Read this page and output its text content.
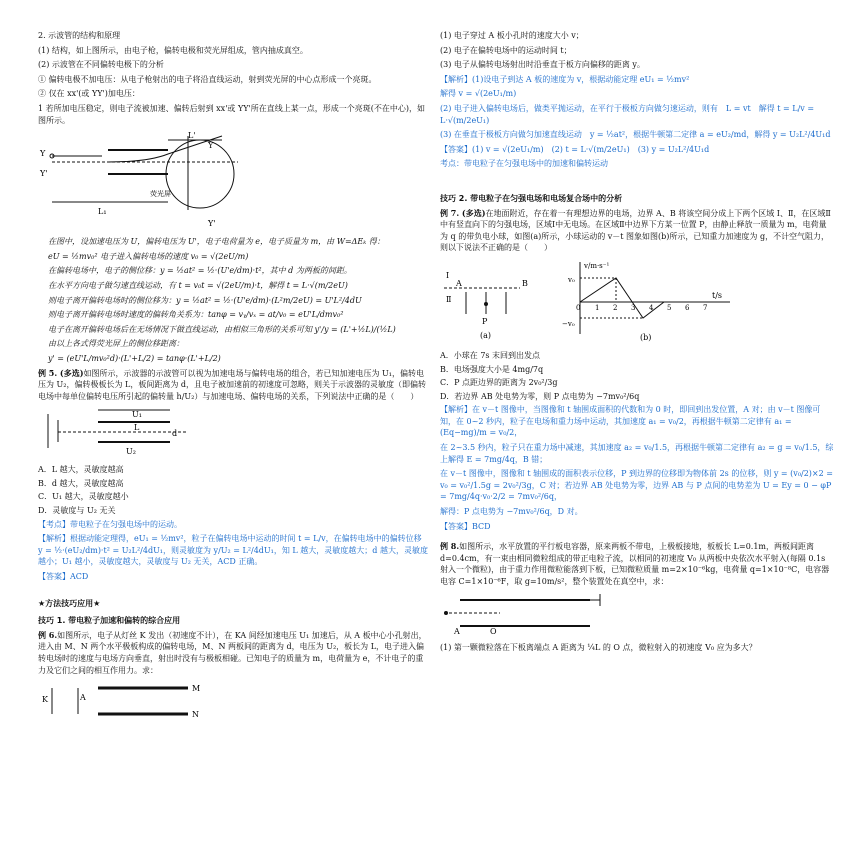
2. 示波管的结构和原理

(1) 结构，如上图所示，由电子枪，偏转电极和荧光屏组成，管内抽成真空。

(2) 示波管在不同偏转电极下的分析

① 偏转电极不加电压：从电子枪射出的电子将沿直线运动，射到荧光屏的中心点形成一个亮斑。

② 仅在 xx'(或 YY')加电压：

1 若所加电压稳定，则电子流被加速、偏转后射到 xx'或 YY'所在直线上某一点，形成一个亮斑(不在中心)，如图所示。

Y
Y'
Y
Y'
L₁
L'
荧光屏

在图中，设加速电压为 U，偏转电压为 U'，电子电荷量为 e，电子质量为 m，由 W=ΔEₖ 得：

eU = ½mv₀² 电子进入偏转电场的速度 v₀ = √(2eU/m)

在偏转电场中，电子的侧位移：y = ½at² = ½·(U'e/dm)·t²，其中 d 为两板的间距。

在水平方向电子做匀速直线运动，有 t = v₀t = √(2eU/m)·t，解得 t = L·√(m/2eU)

则电子离开偏转电场时的侧位移为：y = ½at² = ½·(U'e/dm)·(L²m/2eU) = U'L²/4dU

则电子离开偏转电场时速度的偏转角关系为：tanφ = vᵧ/vₓ = at/v₀ = eU'L/dmv₀²

电子在离开偏转电场后在无场情况下做直线运动，由相似三角形的关系可知 y'/y = (L'+½L)/(½L)

由以上各式得荧光屏上的侧位移距离：

y' = (eU'L/mv₀²d)·(L'+L/2) = tanφ·(L'+L/2)

例 5. (多选)如图所示，示波器的示波管可以视为加速电场与偏转电场的组合，若已知加速电压为 U₁，偏转电压为 U₂，偏转极板长为 L，板间距离为 d，且电子被加速前的初速度可忽略，则关于示波器的灵敏度（即偏转电场中每单位偏转电压所引起的偏转量 h/U₂）与加速电场、偏转电场的关系，下列说法中正确的是（　　）

U₁
U₂
d
L

A．L 越大，灵敏度越高

B．d 越大，灵敏度越高

C．U₁ 越大，灵敏度越小

D．灵敏度与 U₂ 无关

【考点】带电粒子在匀强电场中的运动。

【解析】根据动能定理得，eU₁ = ½mv²，粒子在偏转电场中运动的时间 t = L/v，在偏转电场中的偏转位移 y = ½·(eU₂/dm)·t² = U₂L²/4dU₁，则灵敏度为 y/U₂ = L²/4dU₁，知 L 越大，灵敏度越大；d 越大，灵敏度越小；U₁ 越小，灵敏度越大，灵敏度与 U₂ 无关，ACD 正确。

【答案】ACD

★方法技巧应用★

技巧 1. 带电粒子加速和偏转的综合应用

例 6.如图所示，电子从灯丝 K 发出（初速度不计），在 KA 间经加速电压 U₁ 加速后，从 A 板中心小孔射出，进入由 M、N 两个水平极板构成的偏转电场，M、N 两板间的距离为 d，电压为 U₂，板长为 L，电子进入偏转电场时的速度与电场方向垂直，射出时没有与极板相碰。已知电子的质量为 m，电荷量为 e，不计电子的重力及它们之间的相互作用力。求：

K	A
M
N

(1) 电子穿过 A 板小孔时的速度大小 v；

(2) 电子在偏转电场中的运动时间 t；

(3) 电子从偏转电场射出时沿垂直于板方向偏移的距离 y。

【解析】(1)设电子到达 A 板的速度为 v，根据动能定理 eU₁ = ½mv²

解得 v = √(2eU₁/m)

(2) 电子进入偏转电场后，做类平抛运动，在平行于极板方向做匀速运动，则有　L = vt　解得 t = L/v = L·√(m/2eU₁)

(3) 在垂直于极板方向做匀加速直线运动　y = ½at²，根据牛顿第二定律 a = eU₂/md，解得 y = U₂L²/4U₁d

【答案】(1) v = √(2eU₁/m)　(2) t = L·√(m/2eU₁)　(3) y = U₂L²/4U₁d

考点：带电粒子在匀强电场中的加速和偏转运动

技巧 2. 带电粒子在匀强电场和电场复合场中的分析

例 7. (多选)在地面附近，存在着一有理想边界的电场，边界 A、B 将该空间分成上下两个区域 Ⅰ、Ⅱ，在区域Ⅱ中有竖直向下的匀强电场，区域Ⅰ中无电场。在区域Ⅱ中边界下方某一位置 P，由静止释放一质量为 m，电荷量为 q 的带负电小球，如图(a)所示，小球运动的 v－t 图象如图(b)所示，已知重力加速度为 g，不计空气阻力，则以下说法不正确的是（　　）

Ⅰ
Ⅱ
A	B
P
(a)
v/m·s⁻¹
v₀
−v₀
t/s
0 1 2 3 4 5 6 7
(b)

A．小球在 7s 末回到出发点

B．电场强度大小是 4mg/7q

C．P 点距边界的距离为 2v₀²/3g

D．若边界 AB 处电势为零，则 P 点电势为 −7mv₀²/6q

【解析】在 v－t 图像中，当图像和 t 轴围成面积的代数和为 0 时，即回到出发位置，A 对；由 v－t 图像可知，在 0~2 秒内，粒子在电场和重力场中运动，其加速度 a₁ = v₀/2，再根据牛顿第二定律有 a₁ = (Eq−mg)/m = v₀/2，

在 2~3.5 秒内，粒子只在重力场中减速，其加速度 a₂ = v₀/1.5，再根据牛顿第二定律有 a₂ = g = v₀/1.5，综上解得 E = 7mg/4q，B 错；

在 v－t 图像中，图像和 t 轴围成的面积表示位移，P 到边界的位移即为物体前 2s 的位移，则 y = (v₀/2)×2 = v₀ = v₀²/1.5g = 2v₀²/3g，C 对；若边界 AB 处电势为零，边界 AB 与 P 点间的电势差为 U = Ey = 0 − φP = 7mg/4q·v₀·2/2 = 7mv₀²/6q，

解得：P 点电势为 −7mv₀²/6q，D 对。

【答案】BCD

例 8.如图所示，水平放置的平行板电容器，原来两板不带电，上极板接地，板板长 L=0.1m，两板间距离 d=0.4cm，有一束由相同微粒组成的带正电粒子流，以相同的初速度 V₀ 从两板中央依次水平射入(每隔 0.1s 射入一个微粒)，由于重力作用微粒能落到下板，已知微粒质量 m=2×10⁻⁶kg，电荷量 q=1×10⁻⁸C，电容器电容 C=1×10⁻⁶F，取 g=10m/s²，整个装置处在真空中，求：

A	O

(1) 第一颗微粒落在下板离端点 A 距离为 ¼L 的 O 点，微粒射入的初速度 V₀ 应为多大？
